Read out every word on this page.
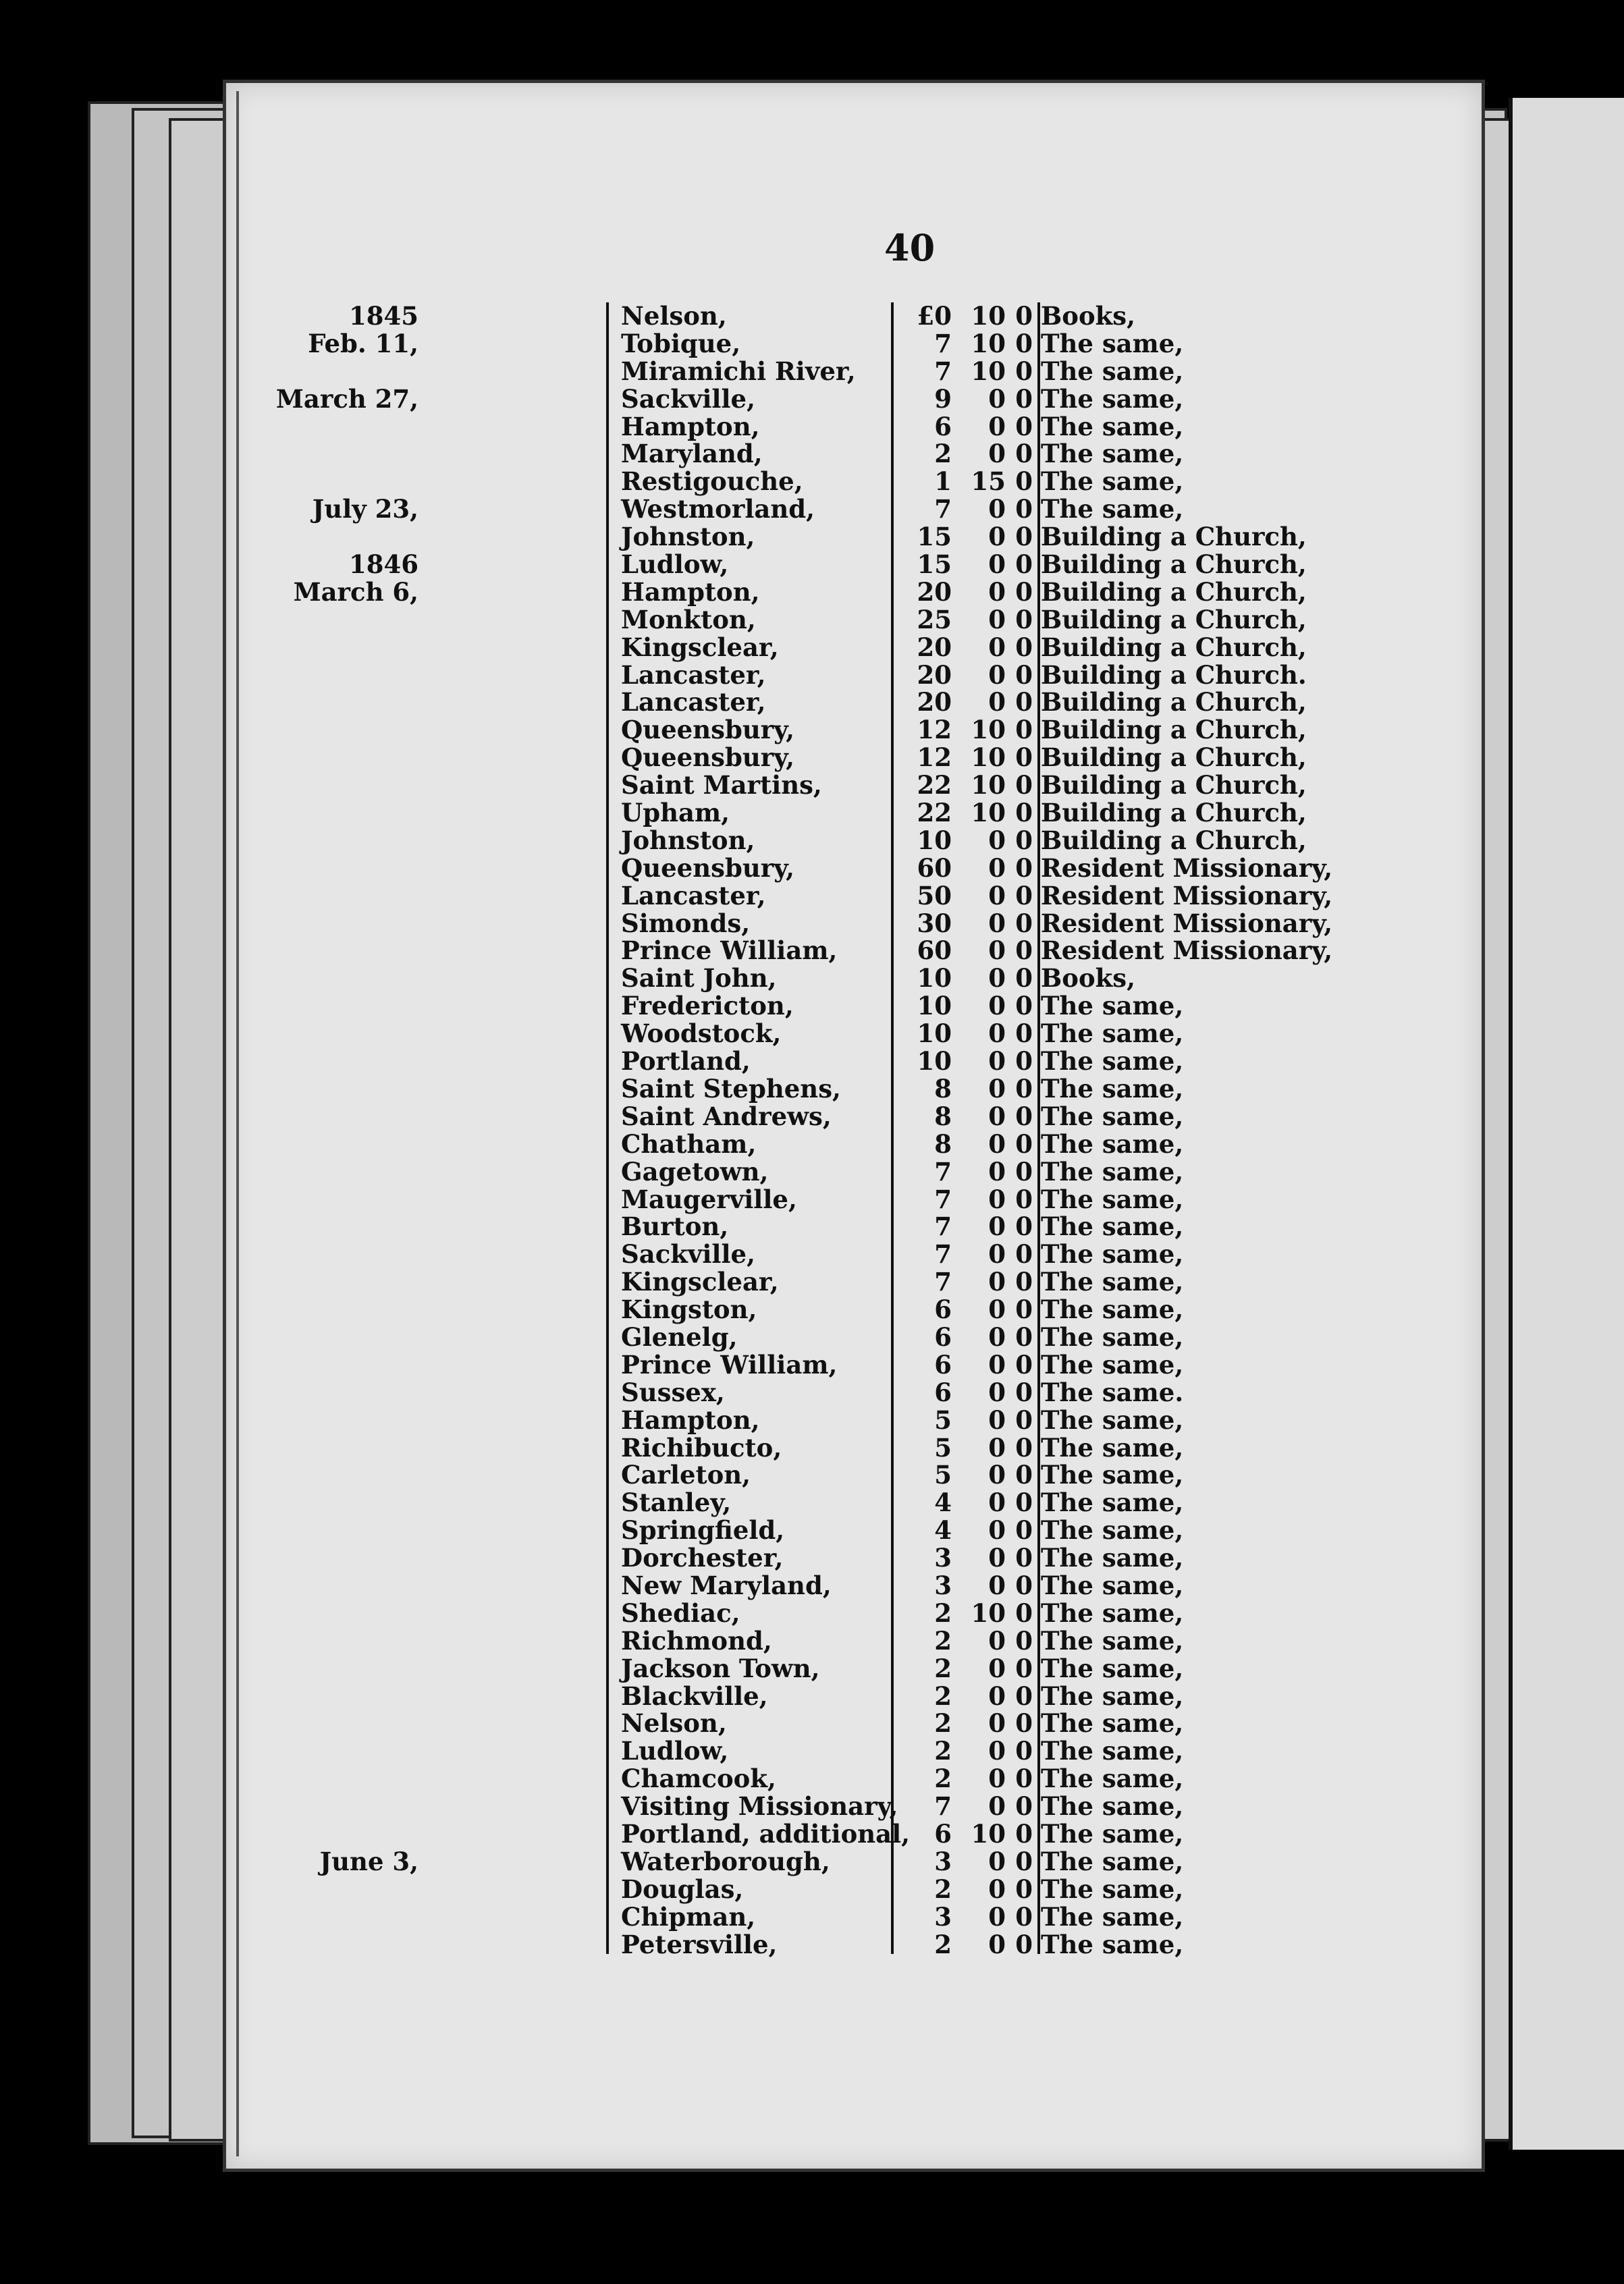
40
1845	Nelson,	£0 10 0 Books,
Feb. 11,	Tobique,	7 10 0 The same,
Miramichi River,	7 10 0 The same,
March 27,	Sackville,	9	0 0 The same,
Hampton,	6	0 0 The same,
Maryland,	2	0 0 The same,
Restigouche,	1 15 0 The same,
July 23,	Westmorland,	7	0 0 The same,
Johnston,	15	0 0 Building a Church,
1846	Ludlow,	15	0 0 Building a Church,
March 6,	Hampton,	20	0 0 Building a Church,
Monkton,	25	0 0 Building a Church,
Kingsclear,	20	0 0 Building a Church,
Lancaster,	20	0 0 Building a Church.
Lancaster,	20	0 0 Building a Church,
Queensbury,	12 10 0 Building a Church,
Queensbury,	12 10 0 Building a Church,
Saint Martins,	22 10 0 Building a Church,
Upham,	22 10 0 Building a Church,
Johnston,	10	0 0 Building a Church,
Queensbury,	60	0 0 Resident Missionary,
Lancaster,	50	0 0 Resident Missionary,
Simonds,	30	0 0 Resident Missionary,
Prince William,	60	0 0 Resident Missionary,
Saint John,	10	0 0 Books,
Fredericton,	10	0 0 The same,
Woodstock,	10	0 0 The same,
Portland,	10	0 0 The same,
Saint Stephens,	8	0 0 The same,
Saint Andrews,	8	0 0 The same,
Chatham,	8	0 0 The same,
Gagetown,	7	0 0 The same,
Maugerville,	7	0 0 The same,
Burton,	7	0 0 The same,
Sackville,	7	0 0 The same,
Kingsclear,	7	0 0 The same,
Kingston,	6	0 0 The same,
Glenelg,	6	0 0 The same,
Prince William,	6	0 0 The same,
Sussex,	6	0 0 The same.
Hampton,	5	0 0 The same,
Richibucto,	5	0 0 The same,
Carleton,	5	0 0 The same,
Stanley,	4	0 0 The same,
Springfield,	4	0 0 The same,
Dorchester,	3	0 0 The same,
New Maryland,	3	0 0 The same,
Shediac,	2 10 0 The same,
Richmond,	2	0 0 The same,
Jackson Town,	2	0 0 The same,
Blackville,	2	0 0 The same,
Nelson,	2	0 0 The same,
Ludlow,	2	0 0 The same,
Chamcook,	2	0 0 The same,
Visiting Missionary,	7	0 0 The same,
Portland, additional, 6 10 0 The same,
June 3,	Waterborough,	3	0 0 The same,
Douglas,	2	0 0 The same,
Chipman,	3	0 0 The same,
Petersville,	2	0 0 The same,
